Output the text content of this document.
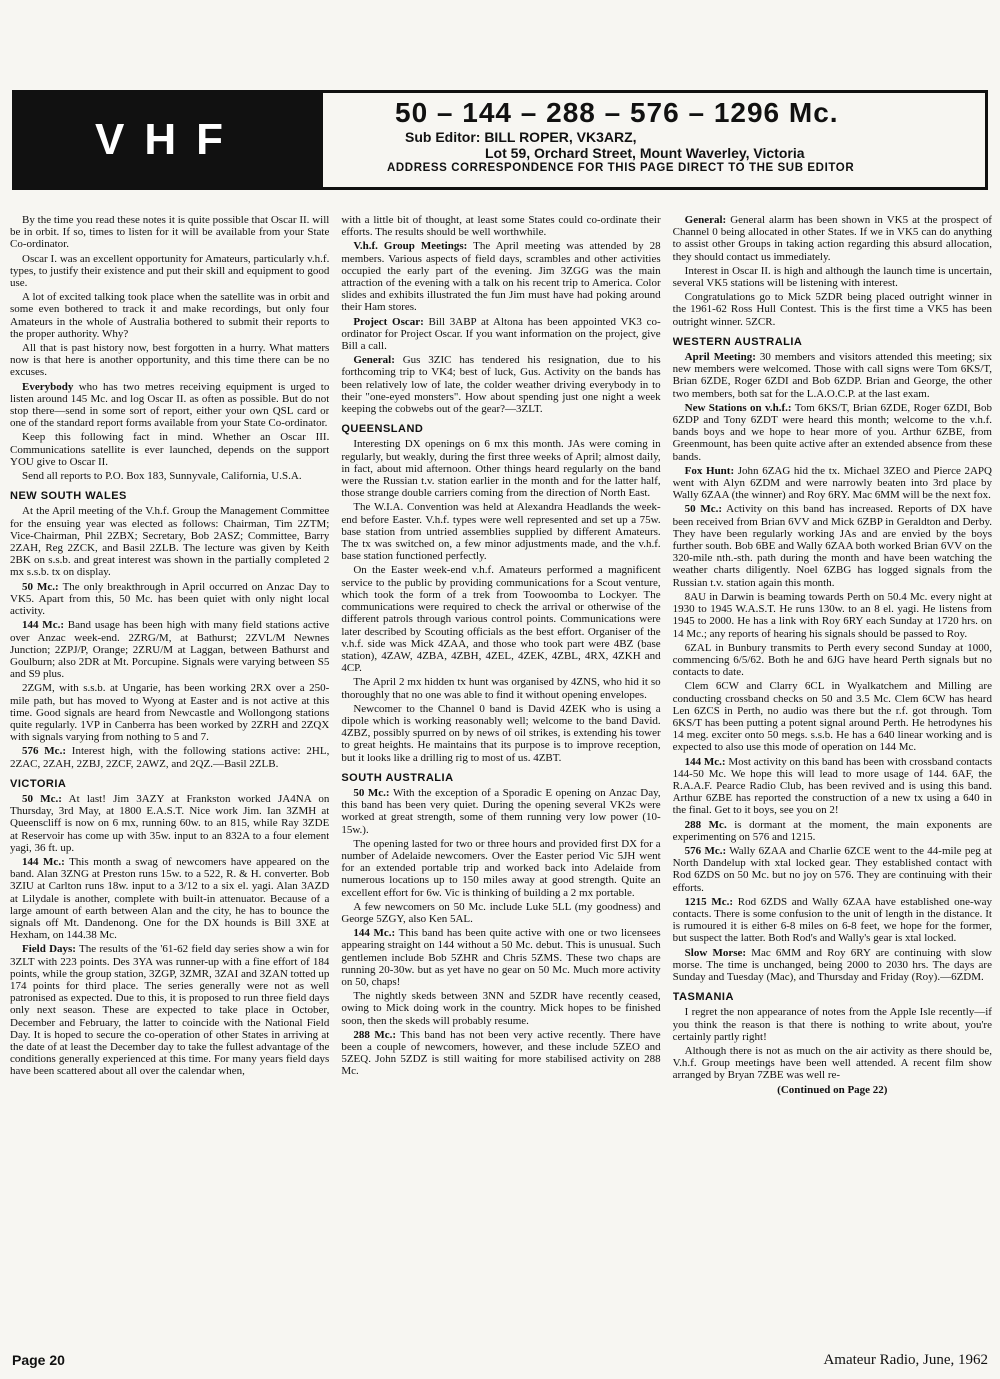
VHF
50 – 144 – 288 – 576 – 1296 Mc.
Sub Editor: BILL ROPER, VK3ARZ,
Lot 59, Orchard Street, Mount Waverley, Victoria
ADDRESS CORRESPONDENCE FOR THIS PAGE DIRECT TO THE SUB EDITOR

By the time you read these notes it is quite possible that Oscar II. will be in orbit. If so, times to listen for it will be available from your State Co-ordinator.

Oscar I. was an excellent opportunity for Amateurs, particularly v.h.f. types, to justify their existence and put their skill and equipment to good use.

A lot of excited talking took place when the satellite was in orbit and some even bothered to track it and make recordings, but only four Amateurs in the whole of Australia bothered to submit their reports to the proper authority. Why?

All that is past history now, best forgotten in a hurry. What matters now is that here is another opportunity, and this time there can be no excuses.

Everybody who has two metres receiving equipment is urged to listen around 145 Mc. and log Oscar II. as often as possible. But do not stop there—send in some sort of report, either your own QSL card or one of the standard report forms available from your State Co-ordinator.

Keep this following fact in mind. Whether an Oscar III. Communications satellite is ever launched, depends on the support YOU give to Oscar II.

Send all reports to P.O. Box 183, Sunnyvale, California, U.S.A.

NEW SOUTH WALES

At the April meeting of the V.h.f. Group the Management Committee for the ensuing year was elected as follows: Chairman, Tim 2ZTM; Vice-Chairman, Phil 2ZBX; Secretary, Bob 2ASZ; Committee, Barry 2ZAH, Reg 2ZCK, and Basil 2ZLB. The lecture was given by Keith 2BK on s.s.b. and great interest was shown in the partially completed 2 mx s.s.b. tx on display.

50 Mc.: The only breakthrough in April occurred on Anzac Day to VK5. Apart from this, 50 Mc. has been quiet with only night local activity.

144 Mc.: Band usage has been high with many field stations active over Anzac week-end. 2ZRG/M, at Bathurst; 2ZVL/M Newnes Junction; 2ZPJ/P, Orange; 2ZRU/M at Laggan, between Bathurst and Goulburn; also 2DR at Mt. Porcupine. Signals were varying between S5 and S9 plus.

2ZGM, with s.s.b. at Ungarie, has been working 2RX over a 250-mile path, but has moved to Wyong at Easter and is not active at this time. Good signals are heard from Newcastle and Wollongong stations quite regularly. 1VP in Canberra has been worked by 2ZRH and 2ZQX with signals varying from nothing to 5 and 7.

576 Mc.: Interest high, with the following stations active: 2HL, 2ZAC, 2ZAH, 2ZBJ, 2ZCF, 2AWZ, and 2QZ.—Basil 2ZLB.

VICTORIA

50 Mc.: At last! Jim 3AZY at Frankston worked JA4NA on Thursday, 3rd May, at 1800 E.A.S.T. Nice work Jim. Ian 3ZMH at Queenscliff is now on 6 mx, running 60w. to an 815, while Ray 3ZDE at Reservoir has come up with 35w. input to an 832A to a four element yagi, 36 ft. up.

144 Mc.: This month a swag of newcomers have appeared on the band. Alan 3ZNG at Preston runs 15w. to a 522, R. & H. converter. Bob 3ZIU at Carlton runs 18w. input to a 3/12 to a six el. yagi. Alan 3AZD at Lilydale is another, complete with built-in attenuator. Because of a large amount of earth between Alan and the city, he has to bounce the signals off Mt. Dandenong. One for the DX hounds is Bill 3XE at Hexham, on 144.38 Mc.

Field Days: The results of the '61-62 field day series show a win for 3ZLT with 223 points. Des 3YA was runner-up with a fine effort of 184 points, while the group station, 3ZGP, 3ZMR, 3ZAI and 3ZAN totted up 174 points for third place. The series generally were not as well patronised as expected. Due to this, it is proposed to run three field days only next season. These are expected to take place in October, December and February, the latter to coincide with the National Field Day. It is hoped to secure the co-operation of other States in arriving at the date of at least the December day to take the fullest advantage of the conditions generally experienced at this time. For many years field days have been scattered about all over the calendar when,

with a little bit of thought, at least some States could co-ordinate their efforts. The results should be well worthwhile.

V.h.f. Group Meetings: The April meeting was attended by 28 members. Various aspects of field days, scrambles and other activities occupied the early part of the evening. Jim 3ZGG was the main attraction of the evening with a talk on his recent trip to America. Color slides and exhibits illustrated the fun Jim must have had poking around their Ham stores.

Project Oscar: Bill 3ABP at Altona has been appointed VK3 co-ordinator for Project Oscar. If you want information on the project, give Bill a call.

General: Gus 3ZIC has tendered his resignation, due to his forthcoming trip to VK4; best of luck, Gus. Activity on the bands has been relatively low of late, the colder weather driving everybody in to their "one-eyed monsters". How about spending just one night a week keeping the cobwebs out of the gear?—3ZLT.

QUEENSLAND

Interesting DX openings on 6 mx this month. JAs were coming in regularly, but weakly, during the first three weeks of April; almost daily, in fact, about mid afternoon. Other things heard regularly on the band were the Russian t.v. station earlier in the month and for the latter half, those strange double carriers coming from the direction of North East.

The W.I.A. Convention was held at Alexandra Headlands the week-end before Easter. V.h.f. types were well represented and set up a 75w. base station from untried assemblies supplied by different Amateurs. The tx was switched on, a few minor adjustments made, and the v.h.f. base station functioned perfectly.

On the Easter week-end v.h.f. Amateurs performed a magnificent service to the public by providing communications for a Scout venture, which took the form of a trek from Toowoomba to Lockyer. The communications were required to check the arrival or otherwise of the different patrols through various control points. Communications were later described by Scouting officials as the best effort. Organiser of the v.h.f. side was Mick 4ZAA, and those who took part were 4BZ (base station), 4ZAW, 4ZBA, 4ZBH, 4ZEL, 4ZEK, 4ZBL, 4RX, 4ZKH and 4CP.

The April 2 mx hidden tx hunt was organised by 4ZNS, who hid it so thoroughly that no one was able to find it without opening envelopes.

Newcomer to the Channel 0 band is David 4ZEK who is using a dipole which is working reasonably well; welcome to the band David. 4ZBZ, possibly spurred on by news of oil strikes, is extending his tower to great heights. He maintains that its purpose is to improve reception, but it looks like a drilling rig to most of us. 4ZBT.

SOUTH AUSTRALIA

50 Mc.: With the exception of a Sporadic E opening on Anzac Day, this band has been very quiet. During the opening several VK2s were worked at great strength, some of them running very low power (10-15w.).

The opening lasted for two or three hours and provided first DX for a number of Adelaide newcomers. Over the Easter period Vic 5JH went for an extended portable trip and worked back into Adelaide from numerous locations up to 150 miles away at good strength. Quite an excellent effort for 6w. Vic is thinking of building a 2 mx portable.

A few newcomers on 50 Mc. include Luke 5LL (my goodness) and George 5ZGY, also Ken 5AL.

144 Mc.: This band has been quite active with one or two licensees appearing straight on 144 without a 50 Mc. debut. This is unusual. Such gentlemen include Bob 5ZHR and Chris 5ZMS. These two chaps are running 20-30w. but as yet have no gear on 50 Mc. Much more activity on 50, chaps!

The nightly skeds between 3NN and 5ZDR have recently ceased, owing to Mick doing work in the country. Mick hopes to be finished soon, then the skeds will probably resume.

288 Mc.: This band has not been very active recently. There have been a couple of newcomers, however, and these include 5ZEO and 5ZEQ. John 5ZDZ is still waiting for more stabilised activity on 288 Mc.

General: General alarm has been shown in VK5 at the prospect of Channel 0 being allocated in other States. If we in VK5 can do anything to assist other Groups in taking action regarding this absurd allocation, they should contact us immediately.

Interest in Oscar II. is high and although the launch time is uncertain, several VK5 stations will be listening with interest.

Congratulations go to Mick 5ZDR being placed outright winner in the 1961-62 Ross Hull Contest. This is the first time a VK5 has been outright winner. 5ZCR.

WESTERN AUSTRALIA

April Meeting: 30 members and visitors attended this meeting; six new members were welcomed. Those with call signs were Tom 6KS/T, Brian 6ZDE, Roger 6ZDI and Bob 6ZDP. Brian and George, the other two members, both sat for the L.A.O.C.P. at the last exam.

New Stations on v.h.f.: Tom 6KS/T, Brian 6ZDE, Roger 6ZDI, Bob 6ZDP and Tony 6ZDT were heard this month; welcome to the v.h.f. bands boys and we hope to hear more of you. Arthur 6ZBE, from Greenmount, has been quite active after an extended absence from these bands.

Fox Hunt: John 6ZAG hid the tx. Michael 3ZEO and Pierce 2APQ went with Alyn 6ZDM and were narrowly beaten into 3rd place by Wally 6ZAA (the winner) and Roy 6RY. Mac 6MM will be the next fox.

50 Mc.: Activity on this band has increased. Reports of DX have been received from Brian 6VV and Mick 6ZBP in Geraldton and Derby. They have been regularly working JAs and are envied by the boys further south. Bob 6BE and Wally 6ZAA both worked Brian 6VV on the 320-mile nth.-sth. path during the month and have been watching the weather charts diligently. Noel 6ZBG has logged signals from the Russian t.v. station again this month.

8AU in Darwin is beaming towards Perth on 50.4 Mc. every night at 1930 to 1945 W.A.S.T. He runs 130w. to an 8 el. yagi. He listens from 1945 to 2000. He has a link with Roy 6RY each Sunday at 1720 hrs. on 14 Mc.; any reports of hearing his signals should be passed to Roy.

6ZAL in Bunbury transmits to Perth every second Sunday at 1000, commencing 6/5/62. Both he and 6JG have heard Perth signals but no contacts to date.

Clem 6CW and Clarry 6CL in Wyalkatchem and Milling are conducting crossband checks on 50 and 3.5 Mc. Clem 6CW has heard Len 6ZCS in Perth, no audio was there but the r.f. got through. Tom 6KS/T has been putting a potent signal around Perth. He hetrodynes his 14 meg. exciter onto 50 megs. s.s.b. He has a 640 linear working and is expected to also use this mode of operation on 144 Mc.

144 Mc.: Most activity on this band has been with crossband contacts 144-50 Mc. We hope this will lead to more usage of 144. 6AF, the R.A.A.F. Pearce Radio Club, has been revived and is using this band. Arthur 6ZBE has reported the construction of a new tx using a 640 in the final. Get to it boys, see you on 2!

288 Mc. is dormant at the moment, the main exponents are experimenting on 576 and 1215.

576 Mc.: Wally 6ZAA and Charlie 6ZCE went to the 44-mile peg at North Dandelup with xtal locked gear. They established contact with Rod 6ZDS on 50 Mc. but no joy on 576. They are continuing with their efforts.

1215 Mc.: Rod 6ZDS and Wally 6ZAA have established one-way contacts. There is some confusion to the unit of length in the distance. It is rumoured it is either 6-8 miles on 6-8 feet, we hope for the former, but suspect the latter. Both Rod's and Wally's gear is xtal locked.

Slow Morse: Mac 6MM and Roy 6RY are continuing with slow morse. The time is unchanged, being 2000 to 2030 hrs. The days are Sunday and Tuesday (Mac), and Thursday and Friday (Roy).—6ZDM.

TASMANIA

I regret the non appearance of notes from the Apple Isle recently—if you think the reason is that there is nothing to write about, you're certainly partly right!

Although there is not as much on the air activity as there should be, V.h.f. Group meetings have been well attended. A recent film show arranged by Bryan 7ZBE was well re-

(Continued on Page 22)
Page 20	Amateur Radio, June, 1962
